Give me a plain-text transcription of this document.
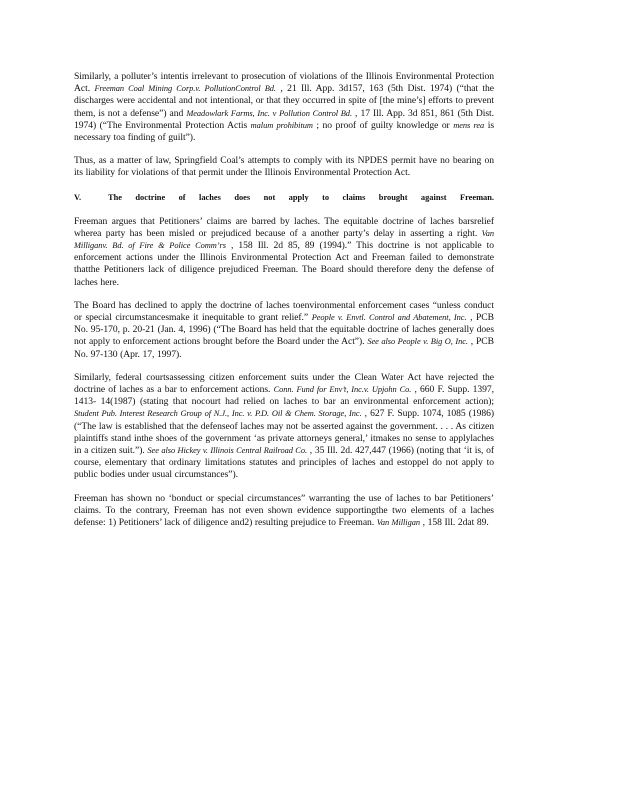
Similarly, a polluter’s intentis irrelevant to prosecution of violations of the Illinois Environmental Protection Act. Freeman Coal Mining Corp.v. PollutionControl Bd. , 21 Ill. App. 3d157, 163 (5th Dist. 1974) (“that the discharges were accidental and not intentional, or that they occurred in spite of [the mine’s] efforts to prevent them, is not a defense”) and Meadowlark Farms, Inc. v Pollution Control Bd. , 17 Ill. App. 3d 851, 861 (5th Dist. 1974) (“The Environmental Protection Actis malum prohibitum ; no proof of guilty knowledge or mens rea is necessary toa finding of guilt”).

Thus, as a matter of law, Springfield Coal’s attempts to comply with its NPDES permit have no bearing on its liability for violations of that permit under the Illinois Environmental Protection Act.

V.	The doctrine of laches does not apply to claims brought against Freeman.

Freeman argues that Petitioners’ claims are barred by laches. The equitable doctrine of laches barsrelief wherea party has been misled or prejudiced because of a another party’s delay in asserting a right. Van Milliganv. Bd. of Fire & Police Comm’rs , 158 Ill. 2d 85, 89 (1994).” This doctrine is not applicable to enforcement actions under the Illinois Environmental Protection Act and Freeman failed to demonstrate thatthe Petitioners lack of diligence prejudiced Freeman. The Board should therefore deny the defense of laches here.

The Board has declined to apply the doctrine of laches toenvironmental enforcement cases “unless conduct or special circumstancesmake it inequitable to grant relief.” People v. Envtl. Control and Abatement, Inc. , PCB No. 95-170, p. 20-21 (Jan. 4, 1996) (“The Board has held that the equitable doctrine of laches generally does not apply to enforcement actions brought before the Board under the Act”). See also People v. Big O, Inc. , PCB No. 97-130 (Apr. 17, 1997).

Similarly, federal courtsassessing citizen enforcement suits under the Clean Water Act have rejected the doctrine of laches as a bar to enforcement actions. Conn. Fund for Env’t, Inc.v. Upjohn Co. , 660 F. Supp. 1397, 1413- 14(1987) (stating that nocourt had relied on laches to bar an environmental enforcement action); Student Pub. Interest Research Group of N.J., Inc. v. P.D. Oil & Chem. Storage, Inc. , 627 F. Supp. 1074, 1085 (1986) (“The law is established that the defenseof laches may not be asserted against the government. . . . As citizen plaintiffs stand inthe shoes of the government ‘as private attorneys general,’ itmakes no sense to applylaches in a citizen suit.”). See also Hickey v. Illinois Central Railroad Co. , 35 Ill. 2d. 427,447 (1966) (noting that ‘it is, of course, elementary that ordinary limitations statutes and principles of laches and estoppel do not apply to public bodies under usual circumstances”).

Freeman has shown no ‘bonduct or special circumstances” warranting the use of laches to bar Petitioners’ claims. To the contrary, Freeman has not even shown evidence supportingthe two elements of a laches defense: 1) Petitioners’ lack of diligence and2) resulting prejudice to Freeman. Van Milligan , 158 Ill. 2dat 89.
